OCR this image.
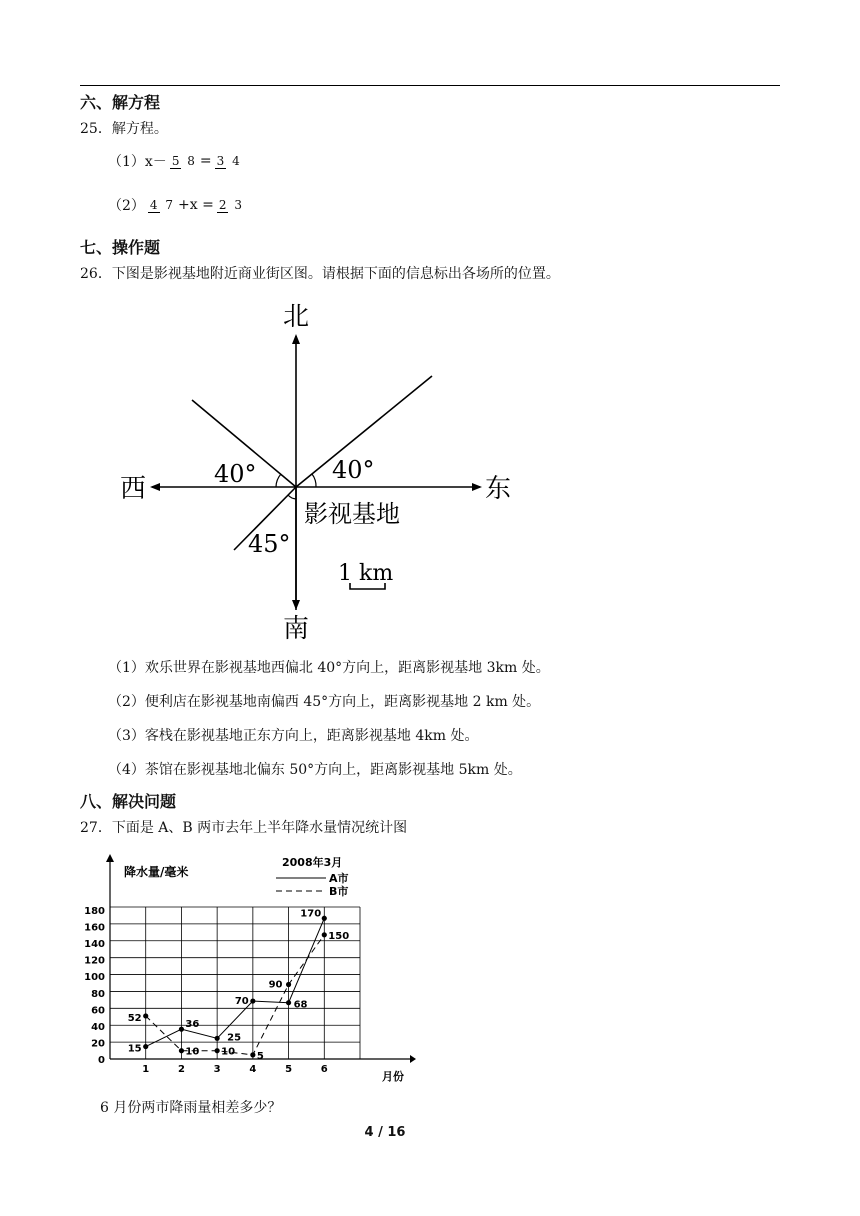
六、解方程
25．解方程。
（1）x－ 5 8 = 3 4
（2） 4 7 +x = 2 3
七、操作题
26．下图是影视基地附近商业街区图。请根据下面的信息标出各场所的位置。
北
南
西	东
40°	40°
45°
影视基地
1 km
（1）欢乐世界在影视基地西偏北 40°方向上，距离影视基地 3km 处。
（2）便利店在影视基地南偏西 45°方向上，距离影视基地 2 km 处。
（3）客栈在影视基地正东方向上，距离影视基地 4km 处。
（4）茶馆在影视基地北偏东 50°方向上，距离影视基地 5km 处。
八、解决问题
27．下面是 A、B 两市去年上半年降水量情况统计图
0
20
40
60
80
100
120
140
160
180
1	2	3	4	5	6
52
15
36
10 10
25
70
5
90
68
170
150
降水量/毫米
2008年3月
A市
B市
月份
6 月份两市降雨量相差多少？
4 / 16
